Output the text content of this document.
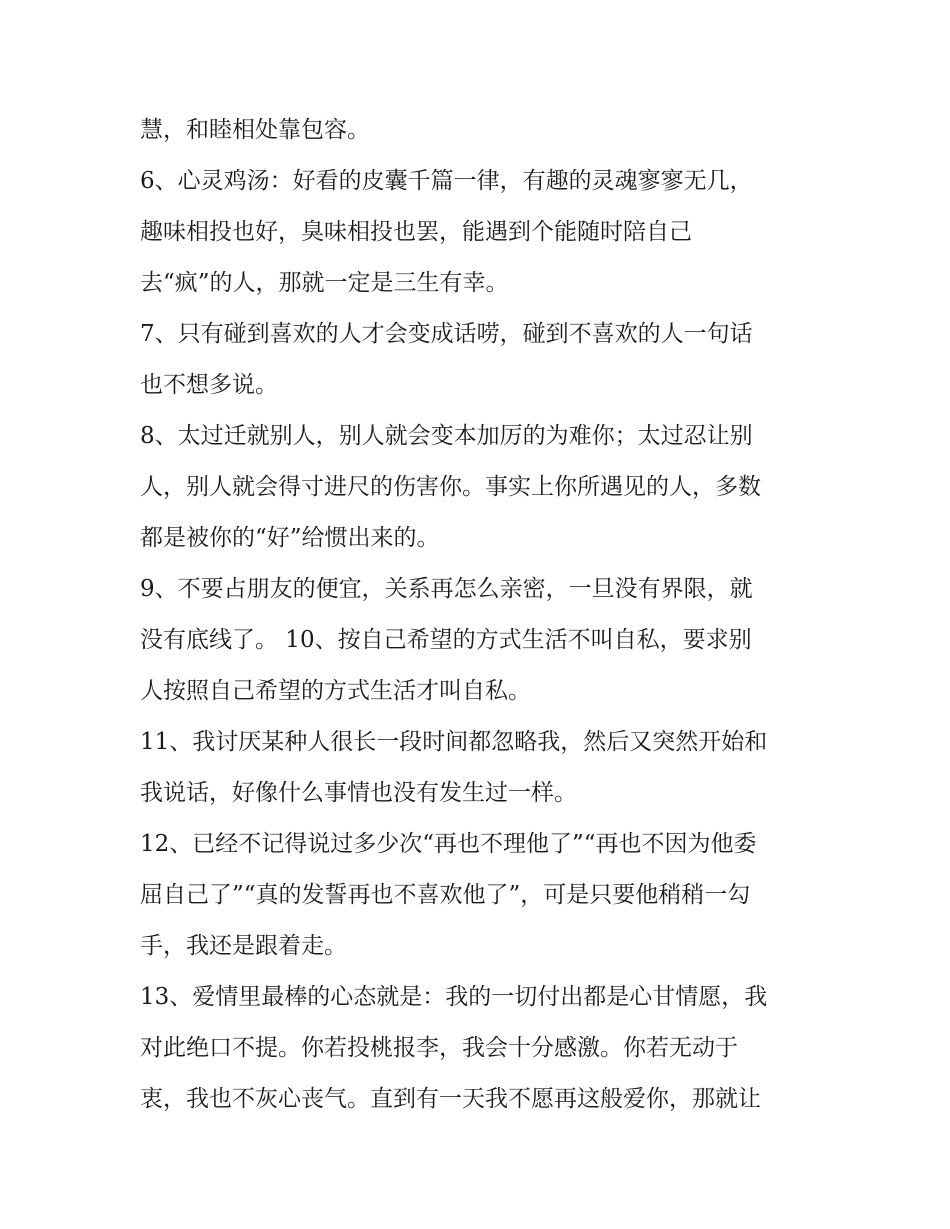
慧，和睦相处靠包容。
6、心灵鸡汤：好看的皮囊千篇一律，有趣的灵魂寥寥无几，
趣味相投也好，臭味相投也罢，能遇到个能随时陪自己
去“疯”的人，那就一定是三生有幸。
7、只有碰到喜欢的人才会变成话唠，碰到不喜欢的人一句话
也不想多说。
8、太过迁就别人，别人就会变本加厉的为难你；太过忍让别
人，别人就会得寸进尺的伤害你。事实上你所遇见的人，多数
都是被你的“好”给惯出来的。
9、不要占朋友的便宜，关系再怎么亲密，一旦没有界限，就
没有底线了。 10、按自己希望的方式生活不叫自私，要求别
人按照自己希望的方式生活才叫自私。
11、我讨厌某种人很长一段时间都忽略我，然后又突然开始和
我说话，好像什么事情也没有发生过一样。
12、已经不记得说过多少次“再也不理他了”“再也不因为他委
屈自己了”“真的发誓再也不喜欢他了”，可是只要他稍稍一勾
手，我还是跟着走。
13、爱情里最棒的心态就是：我的一切付出都是心甘情愿，我
对此绝口不提。你若投桃报李，我会十分感激。你若无动于
衷，我也不灰心丧气。直到有一天我不愿再这般爱你，那就让
